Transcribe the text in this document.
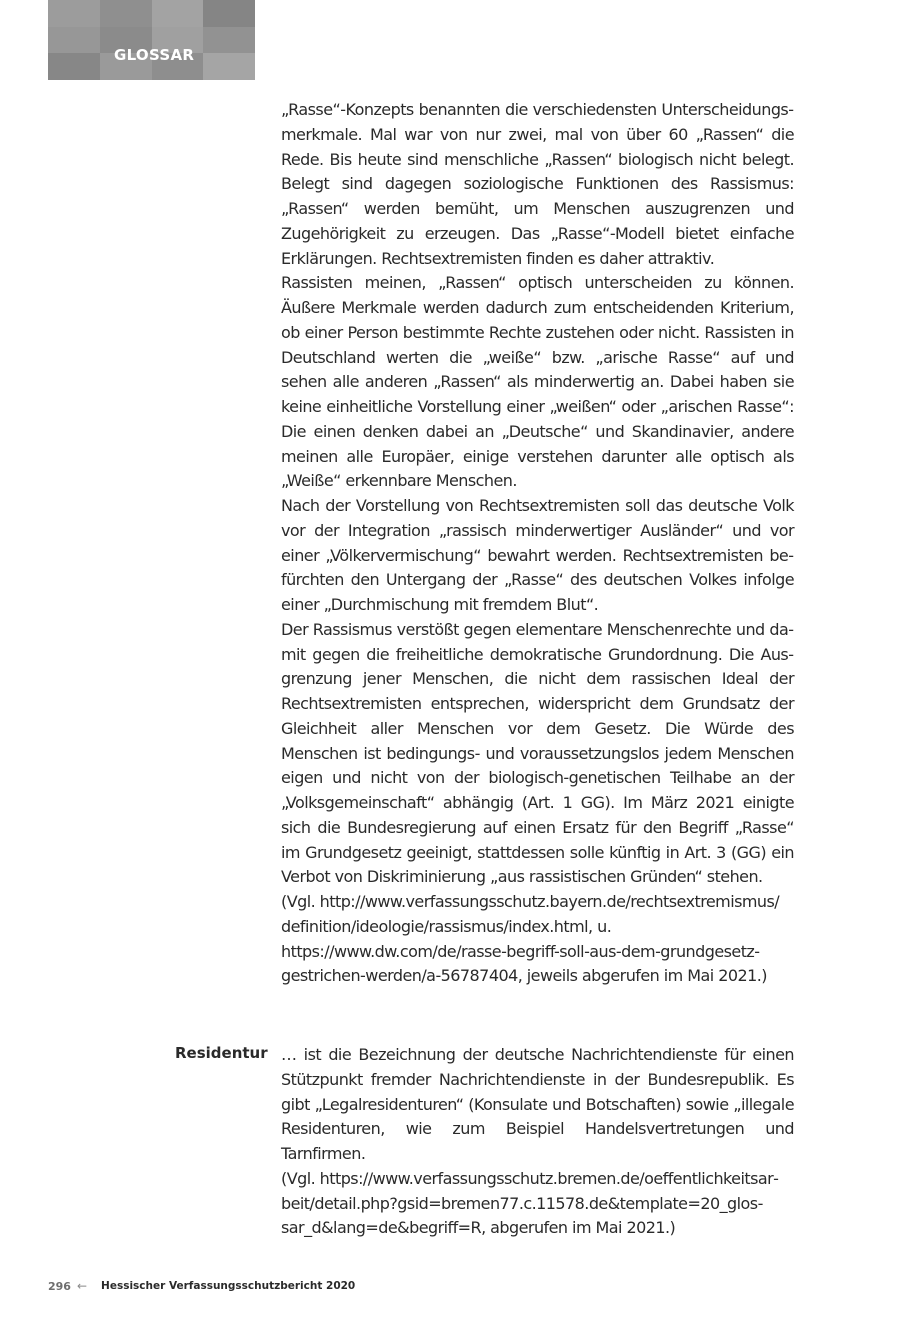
GLOSSAR

„Rasse“-Konzepts benannten die verschiedensten Unterscheidungsmerkmale. Mal war von nur zwei, mal von über 60 „Rassen“ die Rede. Bis heute sind menschliche „Rassen“ biologisch nicht belegt. Belegt sind dagegen soziologische Funktionen des Rassismus: „Rassen“ werden bemüht, um Menschen auszugrenzen und Zugehörigkeit zu erzeugen. Das „Rasse“-Modell bietet einfache Erklärungen. Rechtsextremisten finden es daher attraktiv.

Rassisten meinen, „Rassen“ optisch unterscheiden zu können. Äußere Merkmale werden dadurch zum entscheidenden Kriterium, ob einer Person bestimmte Rechte zustehen oder nicht. Rassisten in Deutschland werten die „weiße“ bzw. „arische Rasse“ auf und sehen alle anderen „Rassen“ als minderwertig an. Dabei haben sie keine einheitliche Vorstellung einer „weißen“ oder „arischen Rasse“: Die einen denken dabei an „Deutsche“ und Skandinavier, andere meinen alle Europäer, einige verstehen darunter alle optisch als „Weiße“ erkennbare Menschen.

Nach der Vorstellung von Rechtsextremisten soll das deutsche Volk vor der Integration „rassisch minderwertiger Ausländer“ und vor einer „Völkervermischung“ bewahrt werden. Rechtsextremisten befürchten den Untergang der „Rasse“ des deutschen Volkes infolge einer „Durchmischung mit fremdem Blut“.

Der Rassismus verstößt gegen elementare Menschenrechte und damit gegen die freiheitliche demokratische Grundordnung. Die Ausgrenzung jener Menschen, die nicht dem rassischen Ideal der Rechtsextremisten entsprechen, widerspricht dem Grundsatz der Gleichheit aller Menschen vor dem Gesetz. Die Würde des Menschen ist bedingungs- und voraussetzungslos jedem Menschen eigen und nicht von der biologisch-genetischen Teilhabe an der „Volksgemeinschaft“ abhängig (Art. 1 GG). Im März 2021 einigte sich die Bundesregierung auf einen Ersatz für den Begriff „Rasse“ im Grundgesetz geeinigt, stattdessen solle künftig in Art. 3 (GG) ein Verbot von Diskriminierung „aus rassistischen Gründen“ stehen.

(Vgl. http://www.verfassungsschutz.bayern.de/rechtsextremismus/ definition/ideologie/rassismus/index.html, u. https://www.dw.com/de/rasse-begriff-soll-aus-dem-grundgesetz-gestrichen-werden/a-56787404, jeweils abgerufen im Mai 2021.)

Residentur … ist die Bezeichnung der deutsche Nachrichtendienste für einen Stützpunkt fremder Nachrichtendienste in der Bundesrepublik. Es gibt „Legalresidenturen“ (Konsulate und Botschaften) sowie „illegale Residenturen, wie zum Beispiel Handelsvertretungen und Tarnfirmen.

(Vgl. https://www.verfassungsschutz.bremen.de/oeffentlichkeitsarbeit/detail.php?gsid=bremen77.c.11578.de&template=20_glossar_d&lang=de&begriff=R, abgerufen im Mai 2021.)

296 ← Hessischer Verfassungsschutzbericht 2020
